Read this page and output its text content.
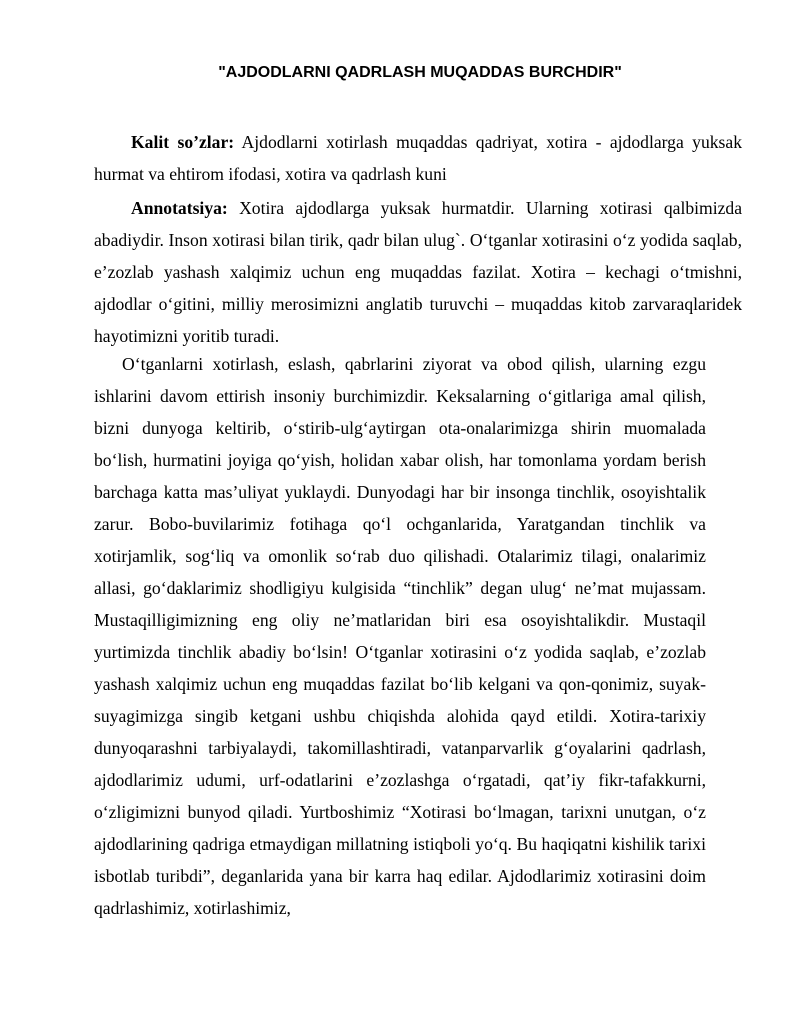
"AJDODLARNI QADRLASH MUQADDAS BURCHDIR"

Kalit so’zlar: Ajdodlarni xotirlash muqaddas qadriyat, xotira - ajdodlarga yuksak hurmat va ehtirom ifodasi, xotira va qadrlash kuni

Annotatsiya: Xotira ajdodlarga yuksak hurmatdir. Ularning xotirasi qalbimizda abadiydir. Inson xotirasi bilan tirik, qadr bilan ulug`. O‘tganlar xotirasini o‘z yodida saqlab, e’zozlab yashash xalqimiz uchun eng muqaddas fazilat. Xotira – kechagi o‘tmishni, ajdodlar o‘gitini, milliy merosimizni anglatib turuvchi – muqaddas kitob zarvaraqlaridek hayotimizni yoritib turadi.

O‘tganlarni xotirlash, eslash, qabrlarini ziyorat va obod qilish, ularning ezgu ishlarini davom ettirish insoniy burchimizdir. Keksalarning o‘gitlariga amal qilish, bizni dunyoga keltirib, o‘stirib-ulg‘aytirgan ota-onalarimizga shirin muomalada bo‘lish, hurmatini joyiga qo‘yish, holidan xabar olish, har tomonlama yordam berish barchaga katta mas’uliyat yuklaydi. Dunyodagi har bir insonga tinchlik, osoyishtalik zarur. Bobo-buvilarimiz fotihaga qo‘l ochganlarida, Yaratgandan tinchlik va xotirjamlik, sog‘liq va omonlik so‘rab duo qilishadi. Otalarimiz tilagi, onalarimiz allasi, go‘daklarimiz shodligiyu kulgisida “tinchlik” degan ulug‘ ne’mat mujassam. Mustaqilligimizning eng oliy ne’matlaridan biri esa osoyishtalikdir. Mustaqil yurtimizda tinchlik abadiy bo‘lsin! O‘tganlar xotirasini o‘z yodida saqlab, e’zozlab yashash xalqimiz uchun eng muqaddas fazilat bo‘lib kelgani va qon-qonimiz, suyak-suyagimizga singib ketgani ushbu chiqishda alohida qayd etildi. Xotira-tarixiy dunyoqarashni tarbiyalaydi, takomillashtiradi, vatanparvarlik g‘oyalarini qadrlash, ajdodlarimiz udumi, urf-odatlarini e’zozlashga o‘rgatadi, qat’iy fikr-tafakkurni, o‘zligimizni bunyod qiladi. Yurtboshimiz “Xotirasi bo‘lmagan, tarixni unutgan, o‘z ajdodlarining qadriga etmaydigan millatning istiqboli yo‘q. Bu haqiqatni kishilik tarixi isbotlab turibdi”, deganlarida yana bir karra haq edilar. Ajdodlarimiz xotirasini doim qadrlashimiz, xotirlashimiz,
